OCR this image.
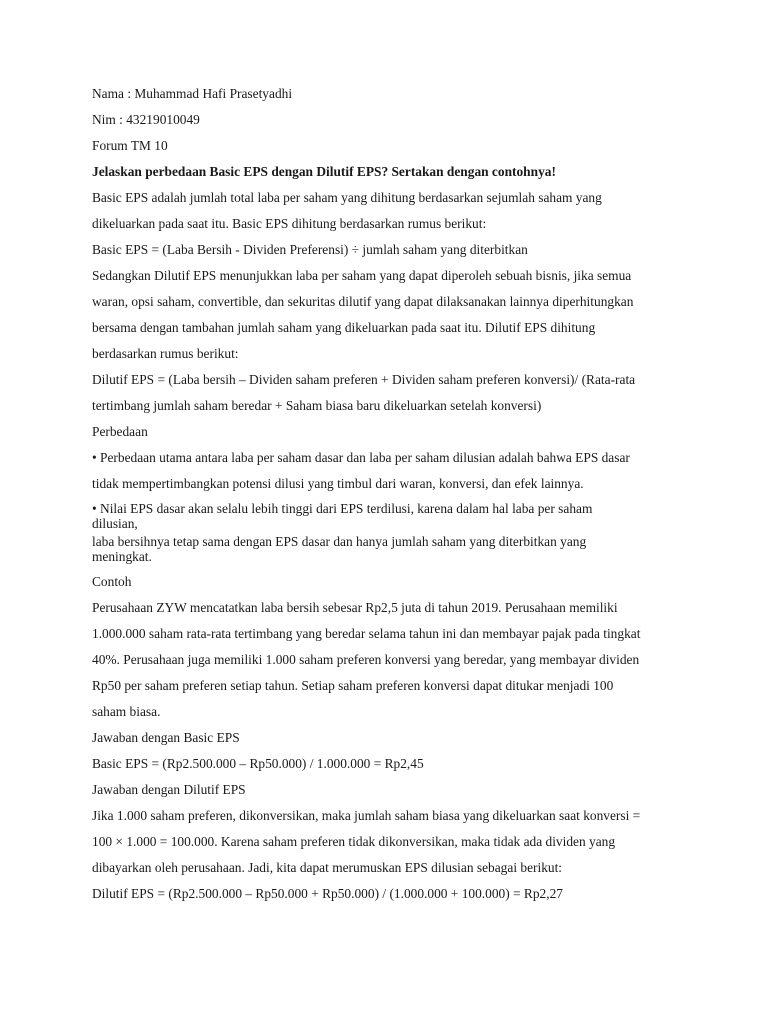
Nama : Muhammad Hafi Prasetyadhi

Nim : 43219010049

Forum TM 10

Jelaskan perbedaan Basic EPS dengan Dilutif EPS? Sertakan dengan contohnya!

Basic EPS adalah jumlah total laba per saham yang dihitung berdasarkan sejumlah saham yang

dikeluarkan pada saat itu. Basic EPS dihitung berdasarkan rumus berikut:

Basic EPS = (Laba Bersih - Dividen Preferensi) ÷ jumlah saham yang diterbitkan

Sedangkan Dilutif EPS menunjukkan laba per saham yang dapat diperoleh sebuah bisnis, jika semua

waran, opsi saham, convertible, dan sekuritas dilutif yang dapat dilaksanakan lainnya diperhitungkan

bersama dengan tambahan jumlah saham yang dikeluarkan pada saat itu. Dilutif EPS dihitung

berdasarkan rumus berikut:

Dilutif EPS = (Laba bersih – Dividen saham preferen + Dividen saham preferen konversi)/ (Rata-rata

tertimbang jumlah saham beredar + Saham biasa baru dikeluarkan setelah konversi)

Perbedaan

• Perbedaan utama antara laba per saham dasar dan laba per saham dilusian adalah bahwa EPS dasar

tidak mempertimbangkan potensi dilusi yang timbul dari waran, konversi, dan efek lainnya.

• Nilai EPS dasar akan selalu lebih tinggi dari EPS terdilusi, karena dalam hal laba per saham

dilusian,

laba bersihnya tetap sama dengan EPS dasar dan hanya jumlah saham yang diterbitkan yang

meningkat.

Contoh

Perusahaan ZYW mencatatkan laba bersih sebesar Rp2,5 juta di tahun 2019. Perusahaan memiliki

1.000.000 saham rata-rata tertimbang yang beredar selama tahun ini dan membayar pajak pada tingkat

40%. Perusahaan juga memiliki 1.000 saham preferen konversi yang beredar, yang membayar dividen

Rp50 per saham preferen setiap tahun. Setiap saham preferen konversi dapat ditukar menjadi 100

saham biasa.

Jawaban dengan Basic EPS

Basic EPS = (Rp2.500.000 – Rp50.000) / 1.000.000 = Rp2,45

Jawaban dengan Dilutif EPS

Jika 1.000 saham preferen, dikonversikan, maka jumlah saham biasa yang dikeluarkan saat konversi =

100 × 1.000 = 100.000. Karena saham preferen tidak dikonversikan, maka tidak ada dividen yang

dibayarkan oleh perusahaan. Jadi, kita dapat merumuskan EPS dilusian sebagai berikut:

Dilutif EPS = (Rp2.500.000 – Rp50.000 + Rp50.000) / (1.000.000 + 100.000) = Rp2,27
